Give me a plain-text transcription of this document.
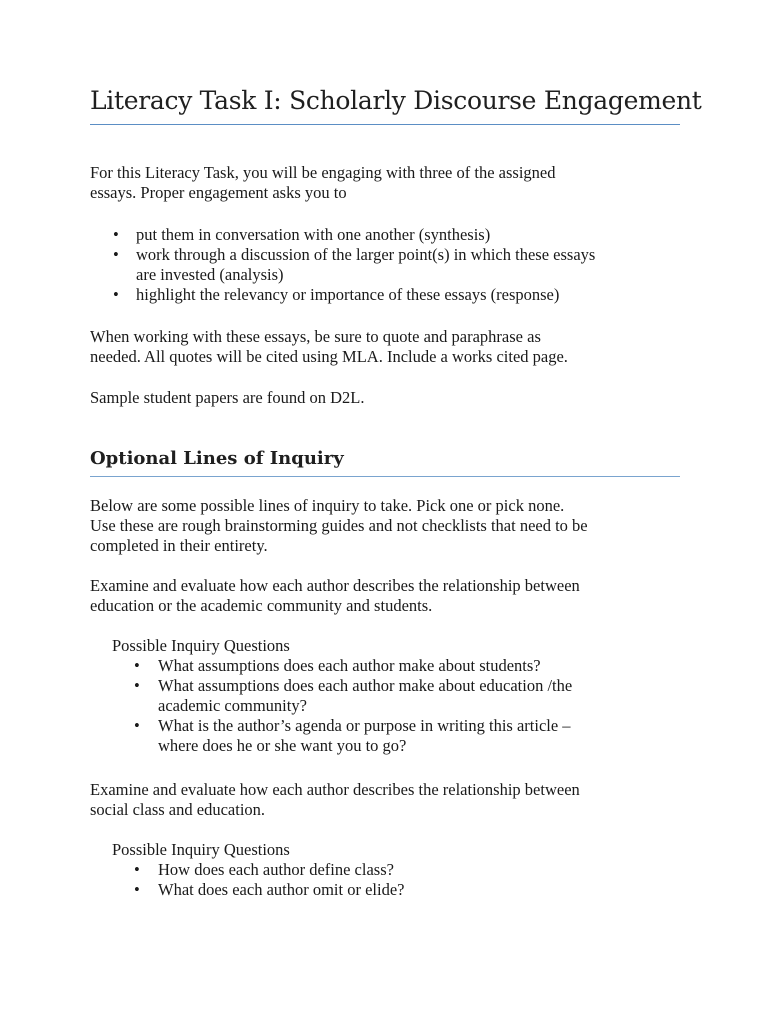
Literacy Task I: Scholarly Discourse Engagement

For this Literacy Task, you will be engaging with three of the assigned

essays. Proper engagement asks you to

• put them in conversation with one another (synthesis)

• work through a discussion of the larger point(s) in which these essays

are invested (analysis)

• highlight the relevancy or importance of these essays (response)

When working with these essays, be sure to quote and paraphrase as

needed. All quotes will be cited using MLA. Include a works cited page.

Sample student papers are found on D2L.

Optional Lines of Inquiry

Below are some possible lines of inquiry to take. Pick one or pick none.

Use these are rough brainstorming guides and not checklists that need to be

completed in their entirety.

Examine and evaluate how each author describes the relationship between

education or the academic community and students.

Possible Inquiry Questions

• What assumptions does each author make about students?

• What assumptions does each author make about education /the

academic community?

• What is the author’s agenda or purpose in writing this article –

where does he or she want you to go?

Examine and evaluate how each author describes the relationship between

social class and education.

Possible Inquiry Questions

• How does each author define class?

• What does each author omit or elide?
